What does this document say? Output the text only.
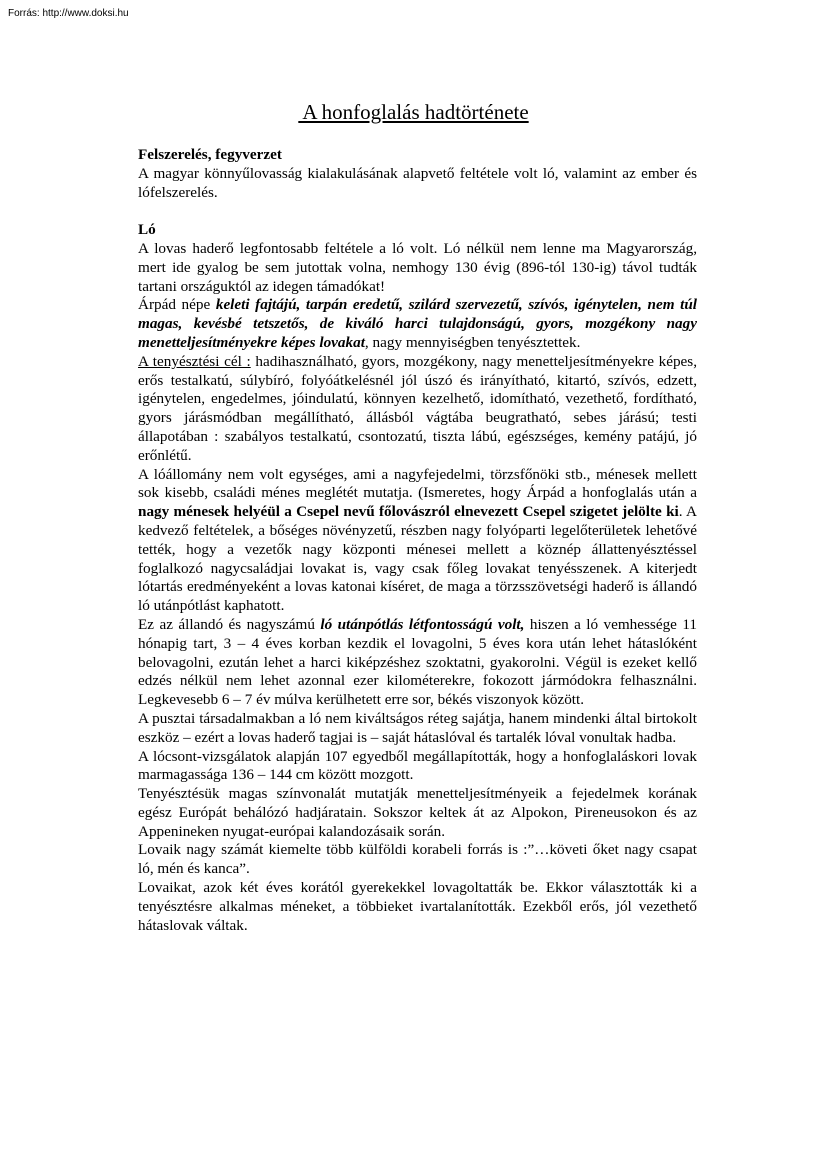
Forrás: http://www.doksi.hu
A honfoglalás hadtörténete

Felszerelés, fegyverzet

A magyar könnyűlovasság kialakulásának alapvető feltétele volt ló, valamint az ember és lófelszerelés.

Ló

A lovas haderő legfontosabb feltétele a ló volt. Ló nélkül nem lenne ma Magyarország, mert ide gyalog be sem jutottak volna, nemhogy 130 évig (896-tól 130-ig) távol tudták tartani országuktól az idegen támadókat!

Árpád népe keleti fajtájú, tarpán eredetű, szilárd szervezetű, szívós, igénytelen, nem túl magas, kevésbé tetszetős, de kiváló harci tulajdonságú, gyors, mozgékony nagy menetteljesítményekre képes lovakat, nagy mennyiségben tenyésztettek.

A tenyésztési cél : hadihasználható, gyors, mozgékony, nagy menetteljesítményekre képes, erős testalkatú, súlybíró, folyóátkelésnél jól úszó és irányítható, kitartó, szívós, edzett, igénytelen, engedelmes, jóindulatú, könnyen kezelhető, idomítható, vezethető, fordítható, gyors járásmódban megállítható, állásból vágtába beugratható, sebes járású; testi állapotában : szabályos testalkatú, csontozatú, tiszta lábú, egészséges, kemény patájú, jó erőnlétű.

A lóállomány nem volt egységes, ami a nagyfejedelmi, törzsfőnöki stb., ménesek mellett sok kisebb, családi ménes meglétét mutatja. (Ismeretes, hogy Árpád a honfoglalás után a nagy ménesek helyéül a Csepel nevű főlovászról elnevezett Csepel szigetet jelölte ki. A kedvező feltételek, a bőséges növényzetű, részben nagy folyóparti legelőterületek lehetővé tették, hogy a vezetők nagy központi ménesei mellett a köznép állattenyésztéssel foglalkozó nagycsaládjai lovakat is, vagy csak főleg lovakat tenyésszenek. A kiterjedt lótartás eredményeként a lovas katonai kíséret, de maga a törzsszövetségi haderő is állandó ló utánpótlást kaphatott.

Ez az állandó és nagyszámú ló utánpótlás létfontosságú volt, hiszen a ló vemhessége 11 hónapig tart, 3 – 4 éves korban kezdik el lovagolni, 5 éves kora után lehet hátaslóként belovagolni, ezután lehet a harci kiképzéshez szoktatni, gyakorolni. Végül is ezeket kellő edzés nélkül nem lehet azonnal ezer kilométerekre, fokozott jármódokra felhasználni. Legkevesebb 6 – 7 év múlva kerülhetett erre sor, békés viszonyok között.

A pusztai társadalmakban a ló nem kiváltságos réteg sajátja, hanem mindenki által birtokolt eszköz – ezért a lovas haderő tagjai is – saját hátaslóval és tartalék lóval vonultak hadba.

A lócsont-vizsgálatok alapján 107 egyedből megállapították, hogy a honfoglaláskori lovak marmagassága 136 – 144 cm között mozgott.

Tenyésztésük magas színvonalát mutatják menetteljesítményeik a fejedelmek korának egész Európát behálózó hadjáratain. Sokszor keltek át az Alpokon, Pireneusokon és az Appenineken nyugat-európai kalandozásaik során.

Lovaik nagy számát kiemelte több külföldi korabeli forrás is :”…követi őket nagy csapat ló, mén és kanca”.

Lovaikat, azok két éves korától gyerekekkel lovagoltatták be. Ekkor választották ki a tenyésztésre alkalmas méneket, a többieket ivartalanították. Ezekből erős, jól vezethető hátaslovak váltak.
